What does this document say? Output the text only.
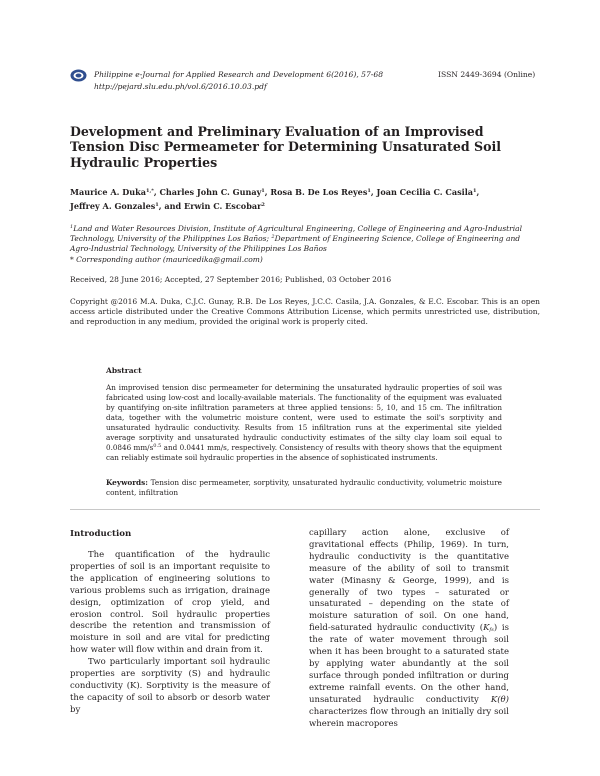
Philippine e-Journal for Applied Research and Development 6(2016), 57-68
http://pejard.slu.edu.ph/vol.6/2016.10.03.pdf
ISSN 2449-3694 (Online)
Development and Preliminary Evaluation of an Improvised Tension Disc Permeameter for Determining Unsaturated Soil Hydraulic Properties
Maurice A. Duka$^{1,*}$, Charles John C. Gunay$^1$, Rosa B. De Los Reyes$^1$, Joan Cecilia C. Casila$^1$,
Jeffrey A. Gonzales$^1$, and Erwin C. Escobar$^2$
$^1$Land and Water Resources Division, Institute of Agricultural Engineering, College of Engineering and Agro-Industrial Technology, University of the Philippines Los Baños; $^2$Department of Engineering Science, College of Engineering and Agro-Industrial Technology, University of the Philippines Los Baños
* Corresponding author (mauricedika@gmail.com)
Received, 28 June 2016; Accepted, 27 September 2016; Published, 03 October 2016
Copyright @2016 M.A. Duka, C.J.C. Gunay, R.B. De Los Reyes, J.C.C. Casila, J.A. Gonzales, & E.C. Escobar. This is an open access article distributed under the Creative Commons Attribution License, which permits unrestricted use, distribution, and reproduction in any medium, provided the original work is properly cited.
Abstract
An improvised tension disc permeameter for determining the unsaturated hydraulic properties of soil was fabricated using low-cost and locally-available materials. The functionality of the equipment was evaluated by quantifying on-site infiltration parameters at three applied tensions: 5, 10, and 15 cm. The infiltration data, together with the volumetric moisture content, were used to estimate the soil's sorptivity and unsaturated hydraulic conductivity. Results from 15 infiltration runs at the experimental site yielded average sorptivity and unsaturated hydraulic conductivity estimates of the silty clay loam soil equal to 0.0846 $mm/s^{0.5}$ and 0.0441 mm/s, respectively. Consistency of results with theory shows that the equipment can reliably estimate soil hydraulic properties in the absence of sophisticated instruments.
Keywords: Tension disc permeameter, sorptivity, unsaturated hydraulic conductivity, volumetric moisture content, infiltration
Introduction

The quantification of the hydraulic properties of soil is an important requisite to the application of engineering solutions to various problems such as irrigation, drainage design, optimization of crop yield, and erosion control. Soil hydraulic properties describe the retention and transmission of moisture in soil and are vital for predicting how water will flow within and drain from it.

Two particularly important soil hydraulic properties are sorptivity (S) and hydraulic conductivity (K). Sorptivity is the measure of the capacity of soil to absorb or desorb water by

capillary action alone, exclusive of gravitational effects (Philip, 1969). In turn, hydraulic conductivity is the quantitative measure of the ability of soil to transmit water (Minasny & George, 1999), and is generally of two types – saturated or unsaturated – depending on the state of moisture saturation of soil. On one hand, field-saturated hydraulic conductivity $(K_{fs})$ is the rate of water movement through soil when it has been brought to a saturated state by applying water abundantly at the soil surface through ponded infiltration or during extreme rainfall events. On the other hand, unsaturated hydraulic conductivity K(θ) characterizes flow through an initially dry soil wherein macropores
